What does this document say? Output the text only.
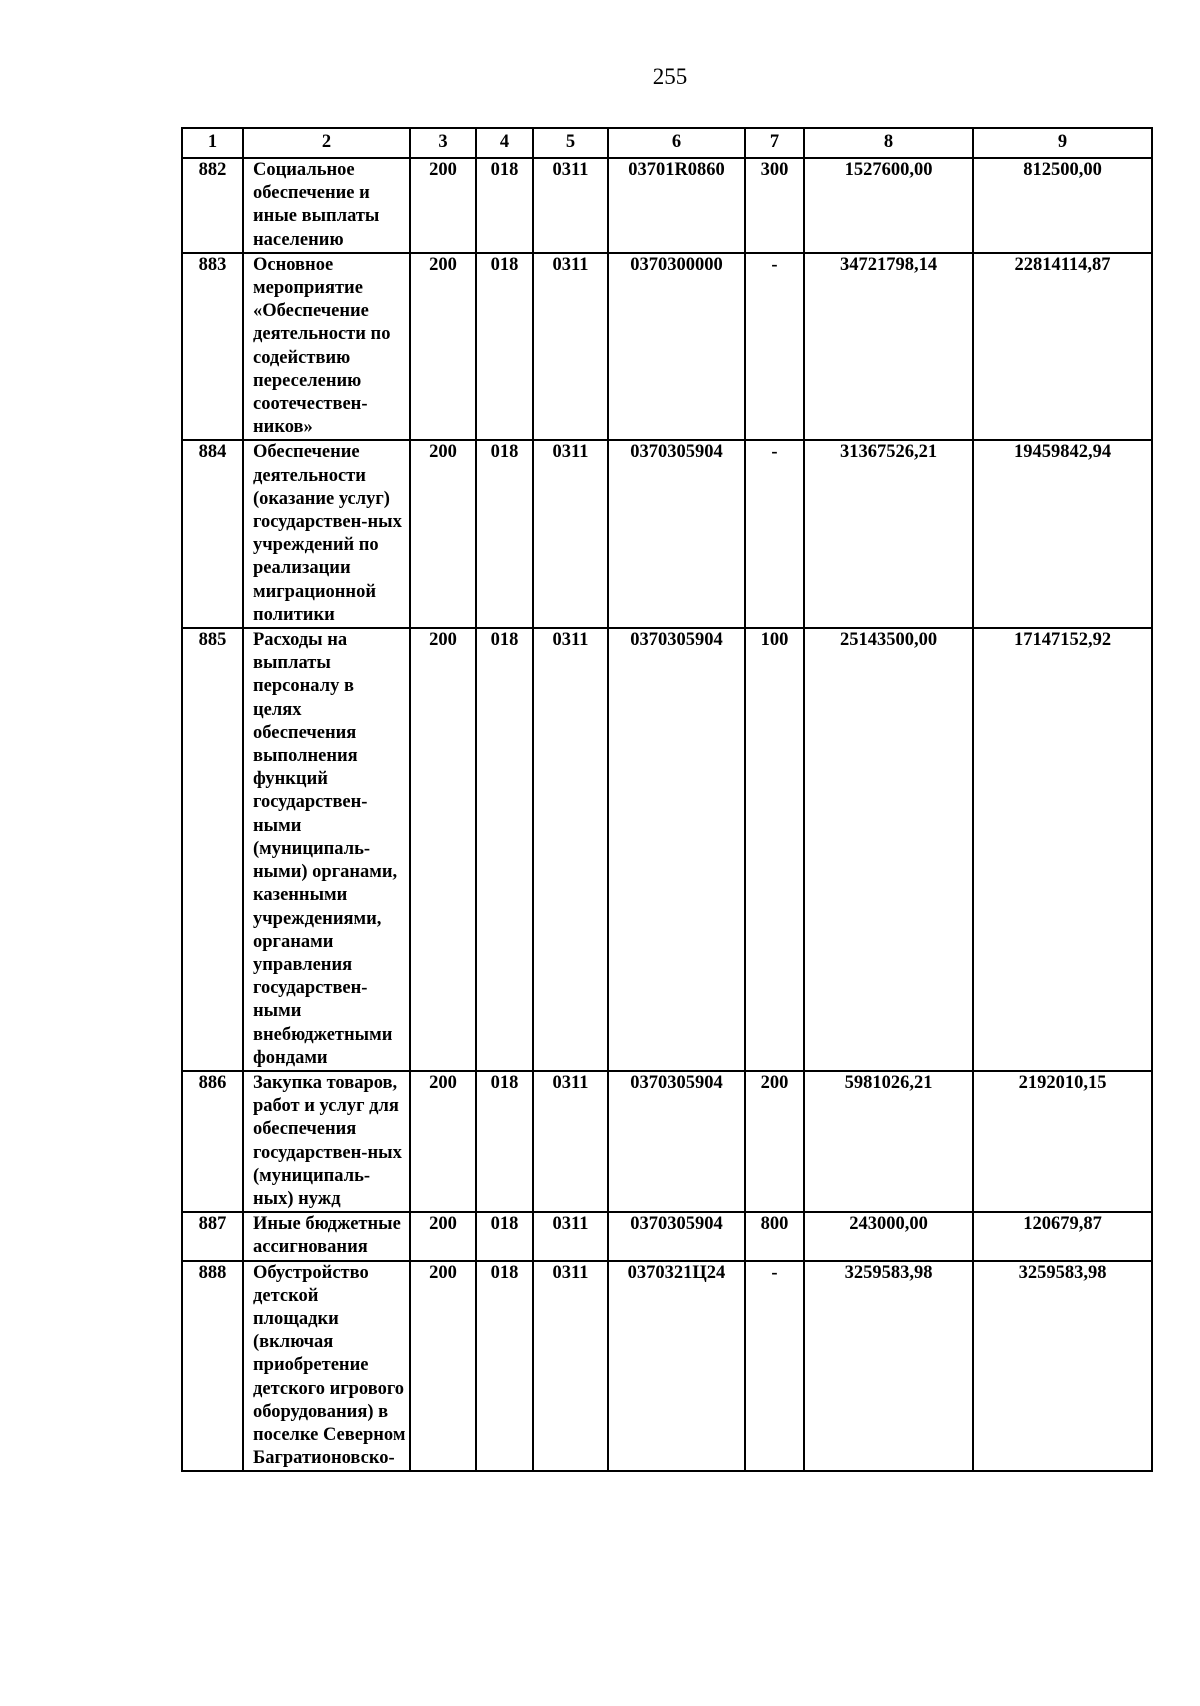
255
1	2	3	4	5	6	7	8	9
882	Социальное обеспечение и иные выплаты населению	200	018	0311	03701R0860	300	1527600,00	812500,00
883	Основное мероприятие «Обеспечение деятельности по содействию переселению соотечествен-ников»	200	018	0311	0370300000	-	34721798,14	22814114,87
884	Обеспечение деятельности (оказание услуг) государствен-ных учреждений по реализации миграционной политики	200	018	0311	0370305904	-	31367526,21	19459842,94
885	Расходы на выплаты персоналу в целях обеспечения выполнения функций государствен-ными (муниципаль-ными) органами, казенными учреждениями, органами управления государствен-ными внебюджетными фондами	200	018	0311	0370305904	100	25143500,00	17147152,92
886	Закупка товаров, работ и услуг для обеспечения государствен-ных (муниципаль-ных) нужд	200	018	0311	0370305904	200	5981026,21	2192010,15
887	Иные бюджетные ассигнования	200	018	0311	0370305904	800	243000,00	120679,87
888	Обустройство детской площадки (включая приобретение детского игрового оборудования) в поселке Северном Багратионовско-	200	018	0311	0370321Ц24	-	3259583,98	3259583,98
